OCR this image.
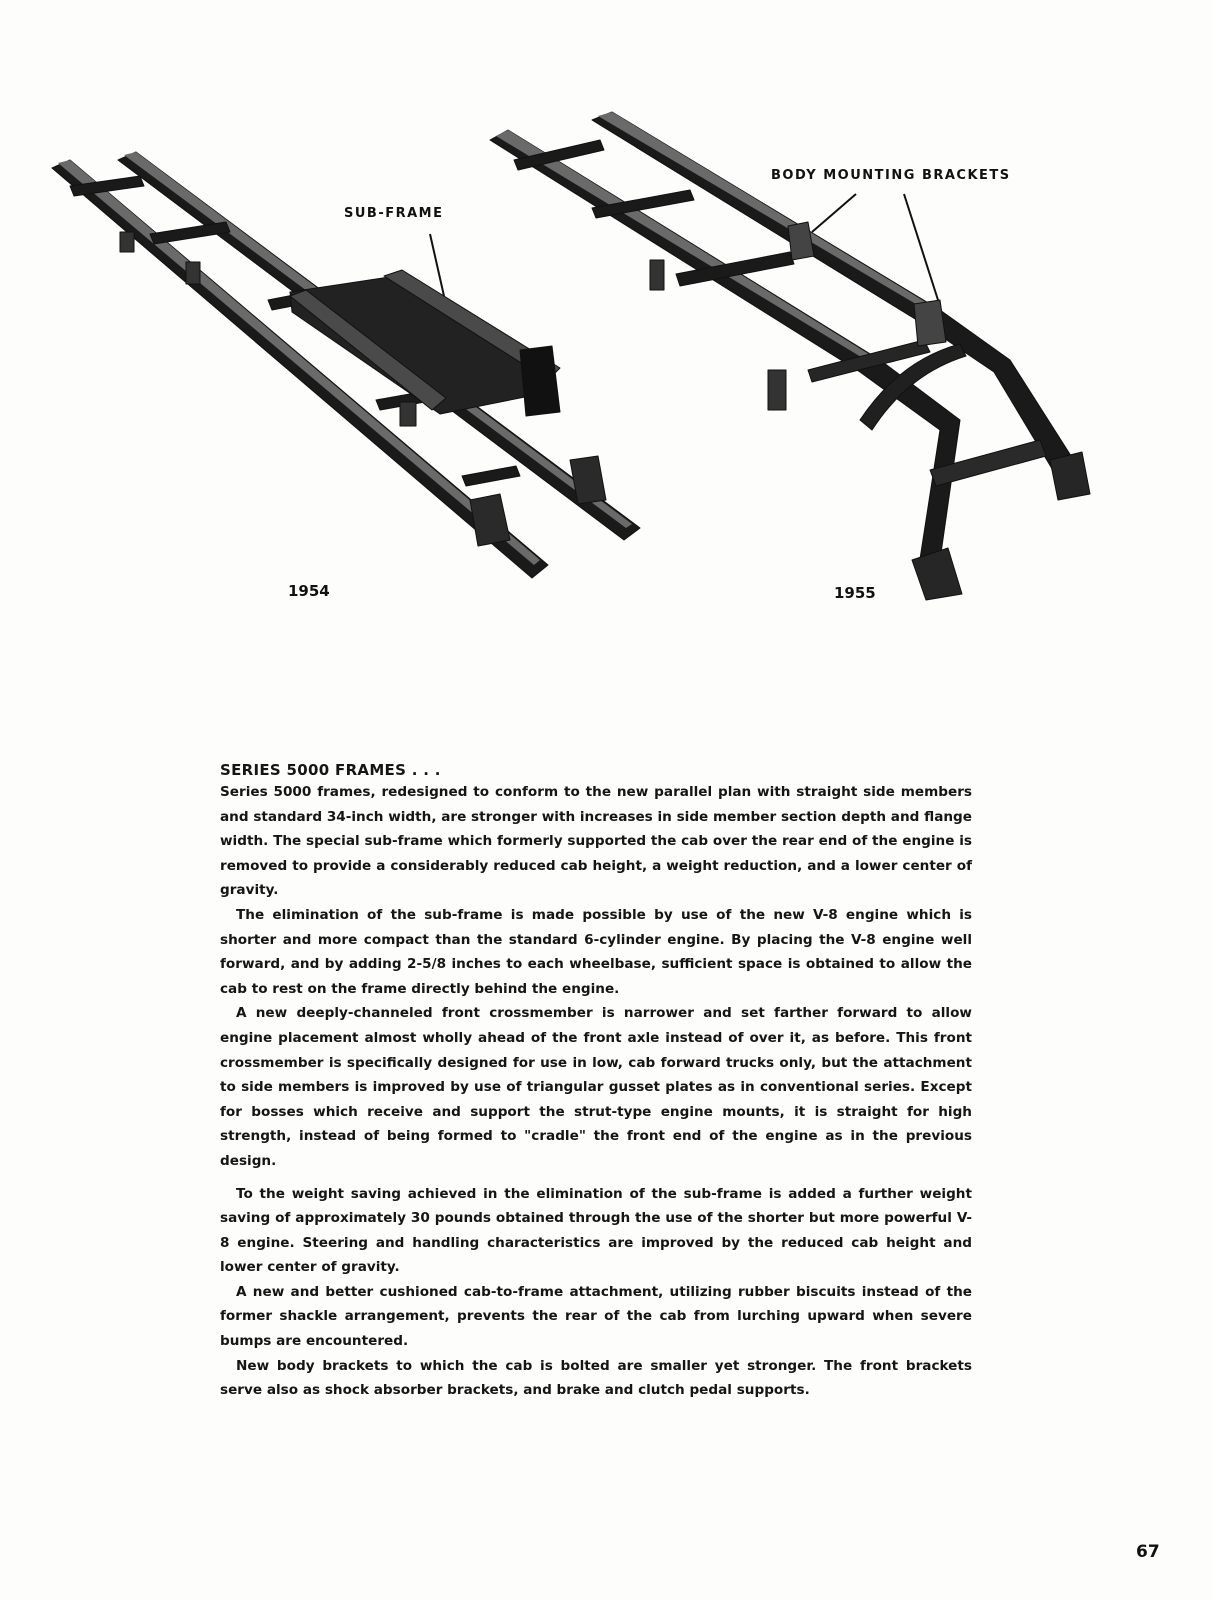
SUB-FRAME
BODY MOUNTING BRACKETS
1954	1955
SERIES 5000 FRAMES . . .

Series 5000 frames, redesigned to conform to the new parallel plan with straight side members and standard 34-inch width, are stronger with increases in side member section depth and flange width. The special sub-frame which formerly supported the cab over the rear end of the engine is removed to provide a considerably reduced cab height, a weight reduction, and a lower center of gravity.

The elimination of the sub-frame is made possible by use of the new V-8 engine which is shorter and more compact than the standard 6-cylinder engine. By placing the V-8 engine well forward, and by adding 2-5/8 inches to each wheelbase, sufficient space is obtained to allow the cab to rest on the frame directly behind the engine.

A new deeply-channeled front crossmember is narrower and set farther forward to allow engine placement almost wholly ahead of the front axle instead of over it, as before. This front crossmember is specifically designed for use in low, cab forward trucks only, but the attachment to side members is improved by use of triangular gusset plates as in conventional series. Except for bosses which receive and support the strut-type engine mounts, it is straight for high strength, instead of being formed to "cradle" the front end of the engine as in the previous design.

To the weight saving achieved in the elimination of the sub-frame is added a further weight saving of approximately 30 pounds obtained through the use of the shorter but more powerful V-8 engine. Steering and handling characteristics are improved by the reduced cab height and lower center of gravity.

A new and better cushioned cab-to-frame attachment, utilizing rubber biscuits instead of the former shackle arrangement, prevents the rear of the cab from lurching upward when severe bumps are encountered.

New body brackets to which the cab is bolted are smaller yet stronger. The front brackets serve also as shock absorber brackets, and brake and clutch pedal supports.

67
